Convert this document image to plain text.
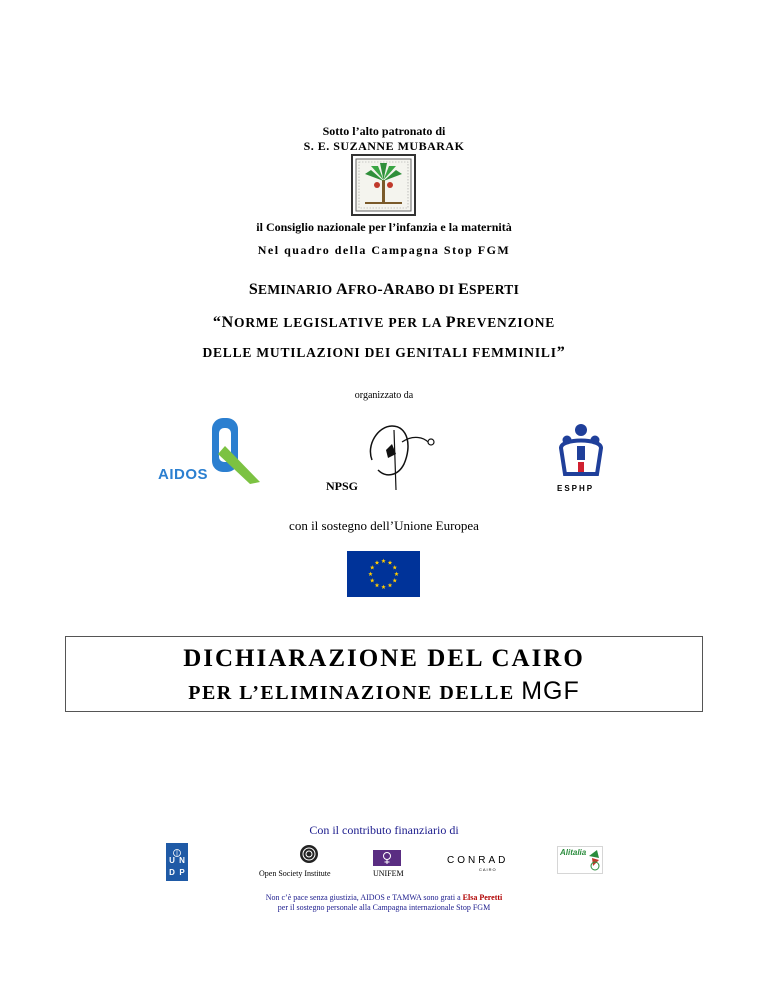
Sotto l’alto patronato di
S. E. SUZANNE MUBARAK
il Consiglio nazionale per l’infanzia e la maternità
Nel quadro della Campagna Stop FGM
SEMINARIO AFRO-ARABO DI ESPERTI
“NORME LEGISLATIVE PER LA PREVENZIONE
DELLE MUTILAZIONI DEI GENITALI FEMMINILI”
organizzato da
AIDOS
NPSG	ESPHP
con il sostegno dell’Unione Europea
DICHIARAZIONE DEL CAIRO
PER L’ELIMINAZIONE DELLE MGF
Con il contributo finanziario di
U N
D P	Open Society Institute	UNIFEM
CONRAD
CAIRO
Alitalia
Non c’è pace senza giustizia, AIDOS e TAMWA sono grati a Elsa Peretti
per il sostegno personale alla Campagna internazionale Stop FGM
